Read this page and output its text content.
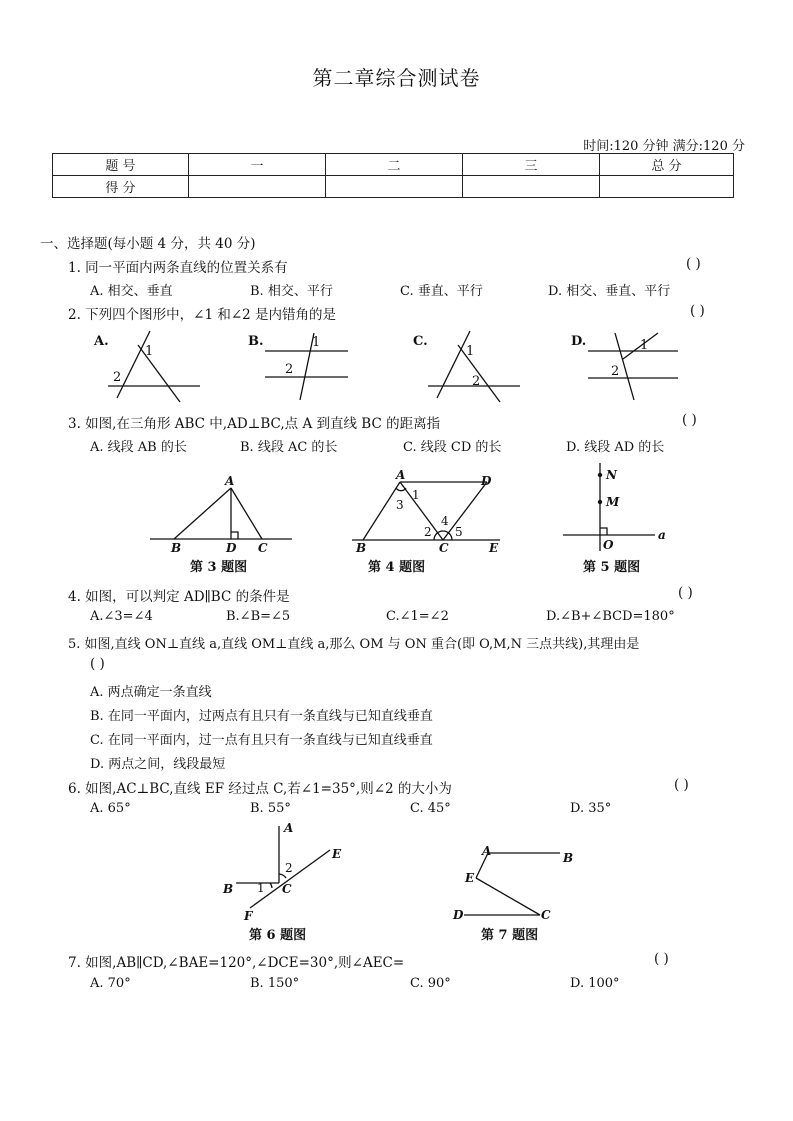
第二章综合测试卷
时间:120 分钟 满分:120 分
题 号	一	二	三	总 分
得 分				
一、选择题(每小题 4 分，共 40 分)
1. 同一平面内两条直线的位置关系有	( )
A. 相交、垂直	B. 相交、平行	C. 垂直、平行	D. 相交、垂直、平行
2. 下列四个图形中，∠1 和∠2 是内错角的是	( )
A.
1
2
B.	1
2
C.
1
2
D.	1
2
3. 如图,在三角形 ABC 中,AD⊥BC,点 A 到直线 BC 的距离指	( )
A. 线段 AB 的长	B. 线段 AC 的长	C. 线段 CD 的长	D. 线段 AD 的长
A
B	D C
A	D
B	C	E
N
M
O
a
1
3
2
4
5
第 3 题图	第 4 题图	第 5 题图
4. 如图，可以判定 AD∥BC 的条件是	( )
A.∠3=∠4	B.∠B=∠5	C.∠1=∠2	D.∠B+∠BCD=180°
5. 如图,直线 ON⊥直线 a,直线 OM⊥直线 a,那么 OM 与 ON 重合(即 O,M,N 三点共线),其理由是
( )
A. 两点确定一条直线
B. 在同一平面内，过两点有且只有一条直线与已知直线垂直
C. 在同一平面内，过一点有且只有一条直线与已知直线垂直
D. 两点之间，线段最短
6. 如图,AC⊥BC,直线 EF 经过点 C,若∠1=35°,则∠2 的大小为	( )
A. 65°	B. 55°	C. 45°	D. 35°
A
B	C
E
F
A	B
E
D	C
1
2
第 6 题图	第 7 题图
7. 如图,AB∥CD,∠BAE=120°,∠DCE=30°,则∠AEC=	( )
A. 70°	B. 150°	C. 90°	D. 100°
